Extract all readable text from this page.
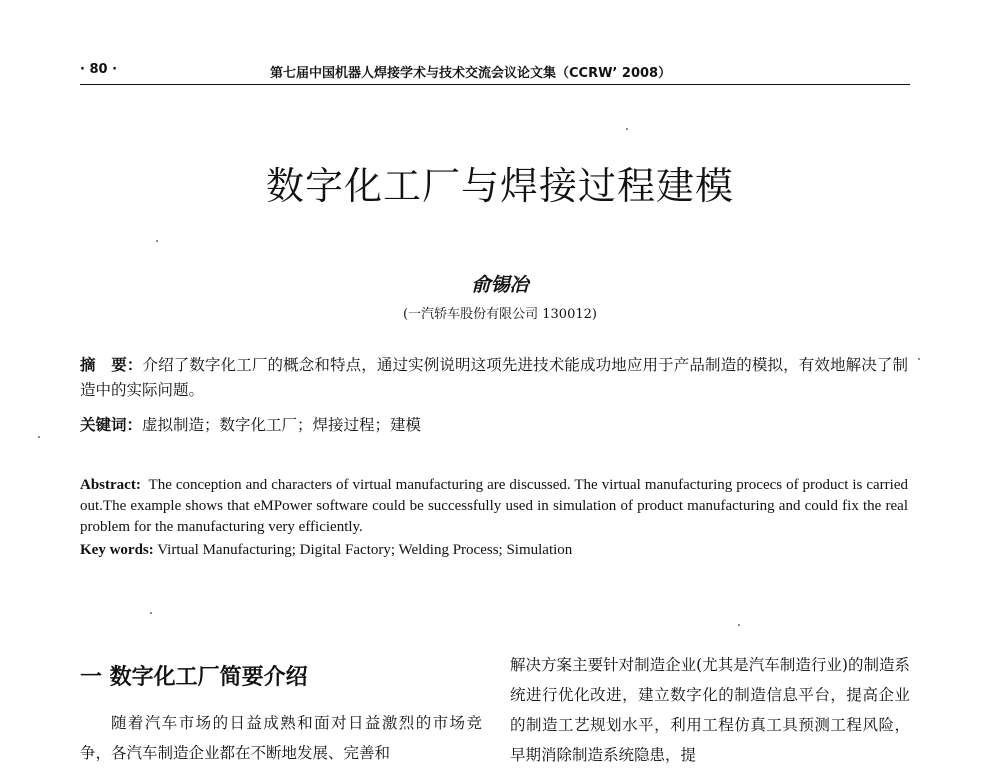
· 80 ·	第七届中国机器人焊接学术与技术交流会议论文集（CCRW’ 2008）
数字化工厂与焊接过程建模
俞锡冶
(一汽轿车股份有限公司 130012)
摘　要：介绍了数字化工厂的概念和特点，通过实例说明这项先进技术能成功地应用于产品制造的模拟，有效地解决了制造中的实际问题。
关键词：虚拟制造；数字化工厂；焊接过程；建模
Abstract: The conception and characters of virtual manufacturing are discussed. The virtual manufacturing procecs of product is carried out.The example shows that eMPower software could be successfully used in simulation of product manufacturing and could fix the real problem for the manufacturing very efficiently.
Key words: Virtual Manufacturing; Digital Factory; Welding Process; Simulation
一 数字化工厂简要介绍
随着汽车市场的日益成熟和面对日益激烈的市场竞争，各汽车制造企业都在不断地发展、完善和
解决方案主要针对制造企业(尤其是汽车制造行业)的制造系统进行优化改进，建立数字化的制造信息平台，提高企业的制造工艺规划水平，利用工程仿真工具预测工程风险，早期消除制造系统隐患，提
